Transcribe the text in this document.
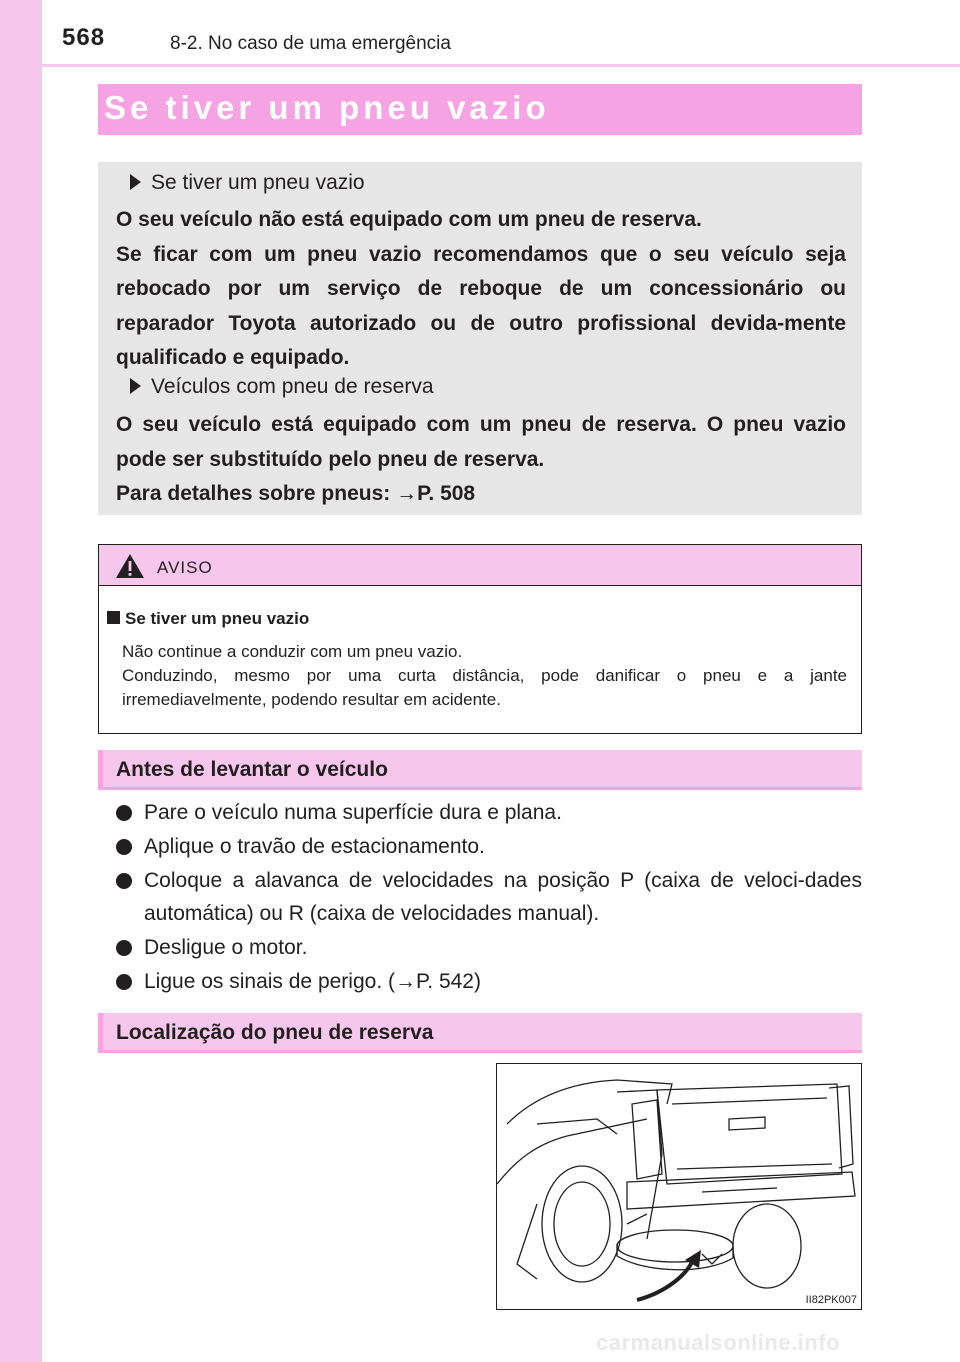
568	8-2. No caso de uma emergência
Se tiver um pneu vazio
Se tiver um pneu vazio
O seu veículo não está equipado com um pneu de reserva.
Se ficar com um pneu vazio recomendamos que o seu veículo seja rebocado por um serviço de reboque de um concessionário ou reparador Toyota autorizado ou de outro profissional devida-mente qualificado e equipado.
Veículos com pneu de reserva
O seu veículo está equipado com um pneu de reserva. O pneu vazio pode ser substituído pelo pneu de reserva.
Para detalhes sobre pneus: →P. 508
AVISO
Se tiver um pneu vazio
Não continue a conduzir com um pneu vazio.
Conduzindo, mesmo por uma curta distância, pode danificar o pneu e a jante irremediavelmente, podendo resultar em acidente.
Antes de levantar o veículo
Pare o veículo numa superfície dura e plana.
Aplique o travão de estacionamento.
Coloque a alavanca de velocidades na posição P (caixa de veloci-dades automática) ou R (caixa de velocidades manual).
Desligue o motor.
Ligue os sinais de perigo. (→P. 542)
Localização do pneu de reserva
II82PK007
carmanualsonline.info
